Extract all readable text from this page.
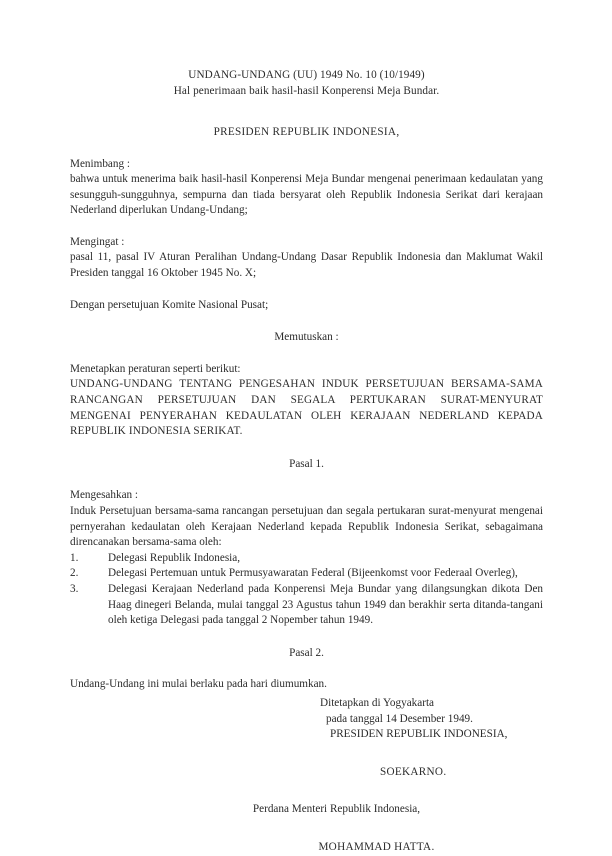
UNDANG-UNDANG (UU) 1949 No. 10 (10/1949)
Hal penerimaan baik hasil-hasil Konperensi Meja Bundar.
PRESIDEN REPUBLIK INDONESIA,
Menimbang :
bahwa untuk menerima baik hasil-hasil Konperensi Meja Bundar mengenai penerimaan kedaulatan yang sesungguh-sungguhnya, sempurna dan tiada bersyarat oleh Republik Indonesia Serikat dari kerajaan Nederland diperlukan Undang-Undang;
Mengingat :
pasal 11, pasal IV Aturan Peralihan Undang-Undang Dasar Republik Indonesia dan Maklumat Wakil Presiden tanggal 16 Oktober 1945 No. X;
Dengan persetujuan Komite Nasional Pusat;
Memutuskan :
Menetapkan peraturan seperti berikut:
UNDANG-UNDANG TENTANG PENGESAHAN INDUK PERSETUJUAN BERSAMA-SAMA RANCANGAN PERSETUJUAN DAN SEGALA PERTUKARAN SURAT-MENYURAT MENGENAI PENYERAHAN KEDAULATAN OLEH KERAJAAN NEDERLAND KEPADA REPUBLIK INDONESIA SERIKAT.
Pasal 1.
Mengesahkan :
Induk Persetujuan bersama-sama rancangan persetujuan dan segala pertukaran surat-menyurat mengenai pernyerahan kedaulatan oleh Kerajaan Nederland kepada Republik Indonesia Serikat, sebagaimana direncanakan bersama-sama oleh:
1.	Delegasi Republik Indonesia,
2.	Delegasi Pertemuan untuk Permusyawaratan Federal (Bijeenkomst voor Federaal Overleg),
3.	Delegasi Kerajaan Nederland pada Konperensi Meja Bundar yang dilangsungkan dikota Den Haag dinegeri Belanda, mulai tanggal 23 Agustus tahun 1949 dan berakhir serta ditanda-tangani oleh ketiga Delegasi pada tanggal 2 Nopember tahun 1949.
Pasal 2.
Undang-Undang ini mulai berlaku pada hari diumumkan.
Ditetapkan di Yogyakarta
pada tanggal 14 Desember 1949.
PRESIDEN REPUBLIK INDONESIA,
SOEKARNO.
Perdana Menteri Republik Indonesia,
MOHAMMAD HATTA.
